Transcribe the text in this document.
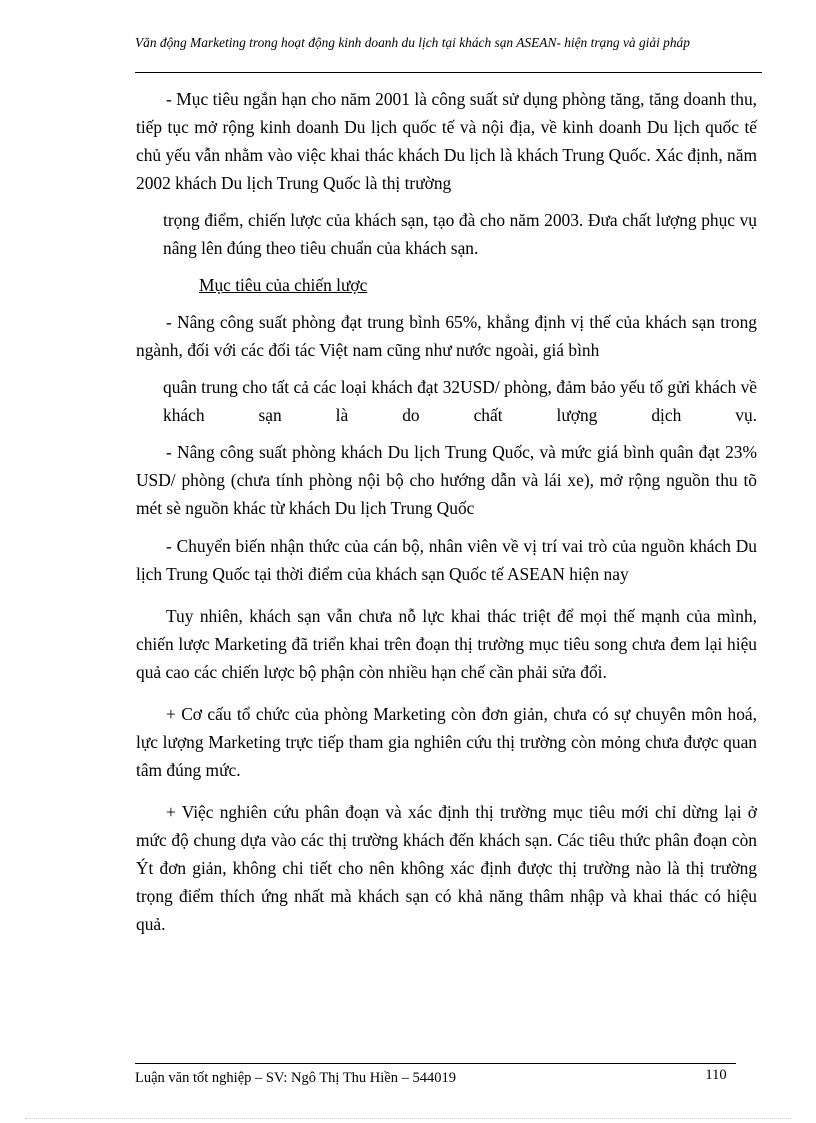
Văn động Marketing trong hoạt động kinh doanh du lịch tại khách sạn ASEAN- hiện trạng và giải pháp

- Mục tiêu ngắn hạn cho năm 2001 là công suất sử dụng phòng tăng, tăng doanh thu, tiếp tục mở rộng kinh doanh Du lịch quốc tế và nội địa, về kinh doanh Du lịch quốc tế chủ yếu vẫn nhằm vào việc khai thác khách Du lịch là khách Trung Quốc. Xác định, năm 2002 khách Du lịch Trung Quốc là thị trường

trọng điểm, chiến lược của khách sạn, tạo đà cho năm 2003. Đưa chất lượng phục vụ nâng lên đúng theo tiêu chuẩn của khách sạn.

Mục tiêu của chiến lược

- Nâng công suất phòng đạt trung bình 65%, khẳng định vị thế của khách sạn trong ngành, đối với các đối tác Việt nam cũng như nước ngoài, giá bình

quân trung cho tất cả các loại khách đạt 32USD/ phòng, đảm bảo yếu tố gửi khách về khách sạn là do chất lượng dịch vụ.

- Nâng công suất phòng khách Du lịch Trung Quốc, và mức giá bình quân đạt 23% USD/ phòng (chưa tính phòng nội bộ cho hướng dẫn và lái xe), mở rộng nguồn thu tõ mét sè nguồn khác từ khách Du lịch Trung Quốc

- Chuyển biến nhận thức của cán bộ, nhân viên về vị trí vai trò của nguồn khách Du lịch Trung Quốc tại thời điểm của khách sạn Quốc tế ASEAN hiện nay

Tuy nhiên, khách sạn vẫn chưa nỗ lực khai thác triệt để mọi thế mạnh của mình, chiến lược Marketing đã triển khai trên đoạn thị trường mục tiêu song chưa đem lại hiệu quả cao các chiến lược bộ phận còn nhiều hạn chế cần phải sửa đổi.

+ Cơ cấu tổ chức của phòng Marketing còn đơn giản, chưa có sự chuyên môn hoá, lực lượng Marketing trực tiếp tham gia nghiên cứu thị trường còn mỏng chưa được quan tâm đúng mức.

+ Việc nghiên cứu phân đoạn và xác định thị trường mục tiêu mới chỉ dừng lại ở mức độ chung dựa vào các thị trường khách đến khách sạn. Các tiêu thức phân đoạn còn Ýt đơn giản, không chi tiết cho nên không xác định được thị trường nào là thị trường trọng điểm thích ứng nhất mà khách sạn có khả năng thâm nhập và khai thác có hiệu quả.

Luận văn tốt nghiệp – SV: Ngô Thị Thu Hiền – 544019	110
